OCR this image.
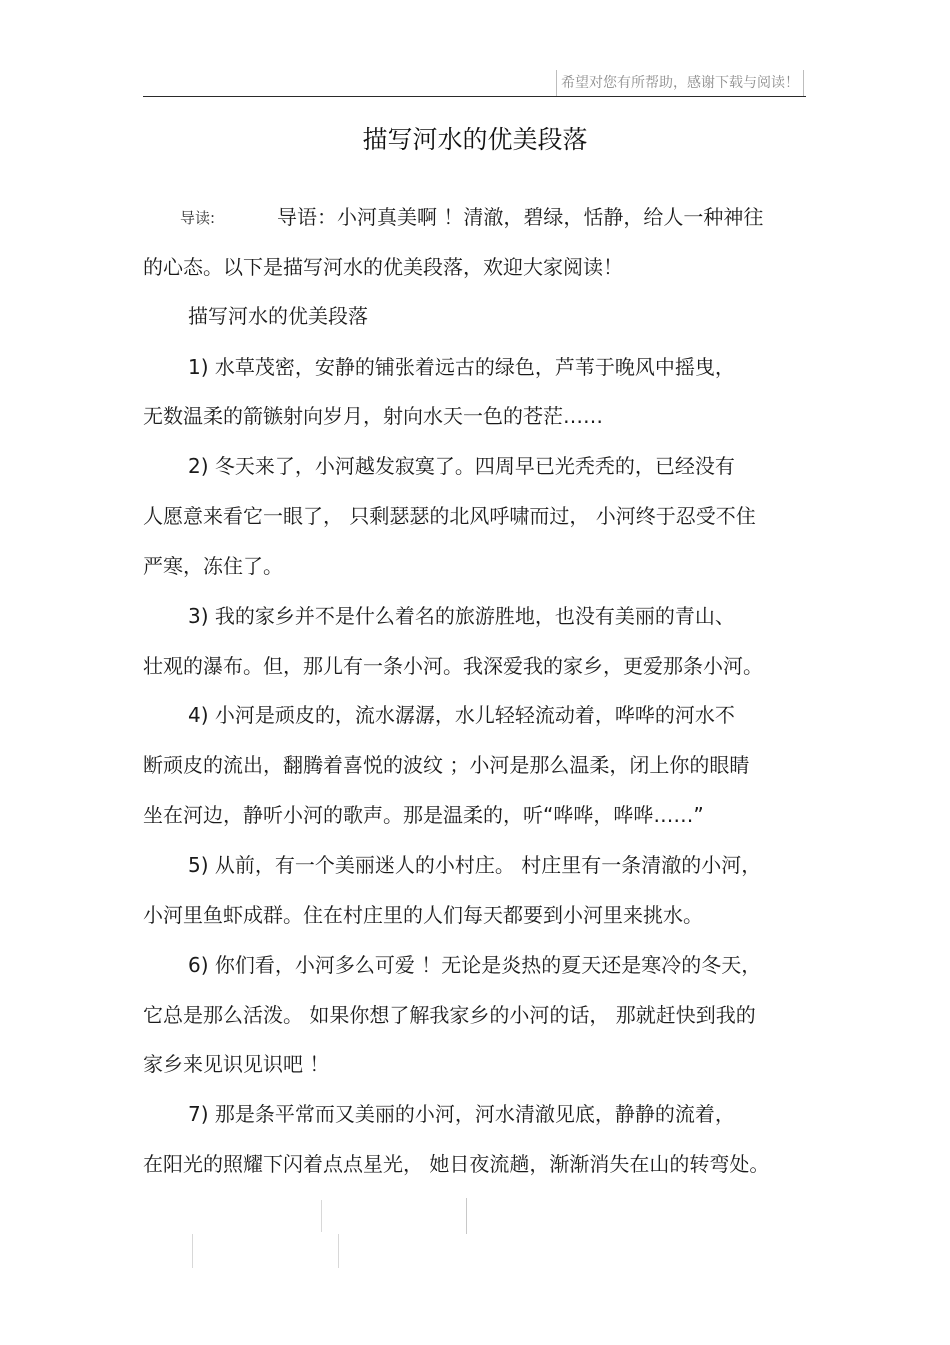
希望对您有所帮助，感谢下载与阅读！
描写河水的优美段落
导读:	导语：小河真美啊 ！清澈，碧绿，恬静，给人一种神往
的心态。以下是描写河水的优美段落，欢迎大家阅读！
描写河水的优美段落
1) 水草茂密，安静的铺张着远古的绿色，芦苇于晚风中摇曳，
无数温柔的箭镞射向岁月，射向水天一色的苍茫……
2) 冬天来了，小河越发寂寞了。四周早已光秃秃的，已经没有
人愿意来看它一眼了， 只剩瑟瑟的北风呼啸而过， 小河终于忍受不住
严寒，冻住了。
3) 我的家乡并不是什么着名的旅游胜地，也没有美丽的青山、
壮观的瀑布。但，那儿有一条小河。我深爱我的家乡，更爱那条小河。
4) 小河是顽皮的，流水潺潺，水儿轻轻流动着，哗哗的河水不
断顽皮的流出，翻腾着喜悦的波纹 ；小河是那么温柔，闭上你的眼睛
坐在河边，静听小河的歌声。那是温柔的，听“哗哗，哗哗……”
5) 从前，有一个美丽迷人的小村庄。 村庄里有一条清澈的小河，
小河里鱼虾成群。住在村庄里的人们每天都要到小河里来挑水。
6) 你们看，小河多么可爱 ！无论是炎热的夏天还是寒冷的冬天，
它总是那么活泼。 如果你想了解我家乡的小河的话， 那就赶快到我的
家乡来见识见识吧 ！
7) 那是条平常而又美丽的小河，河水清澈见底，静静的流着，
在阳光的照耀下闪着点点星光， 她日夜流趟，渐渐消失在山的转弯处。
